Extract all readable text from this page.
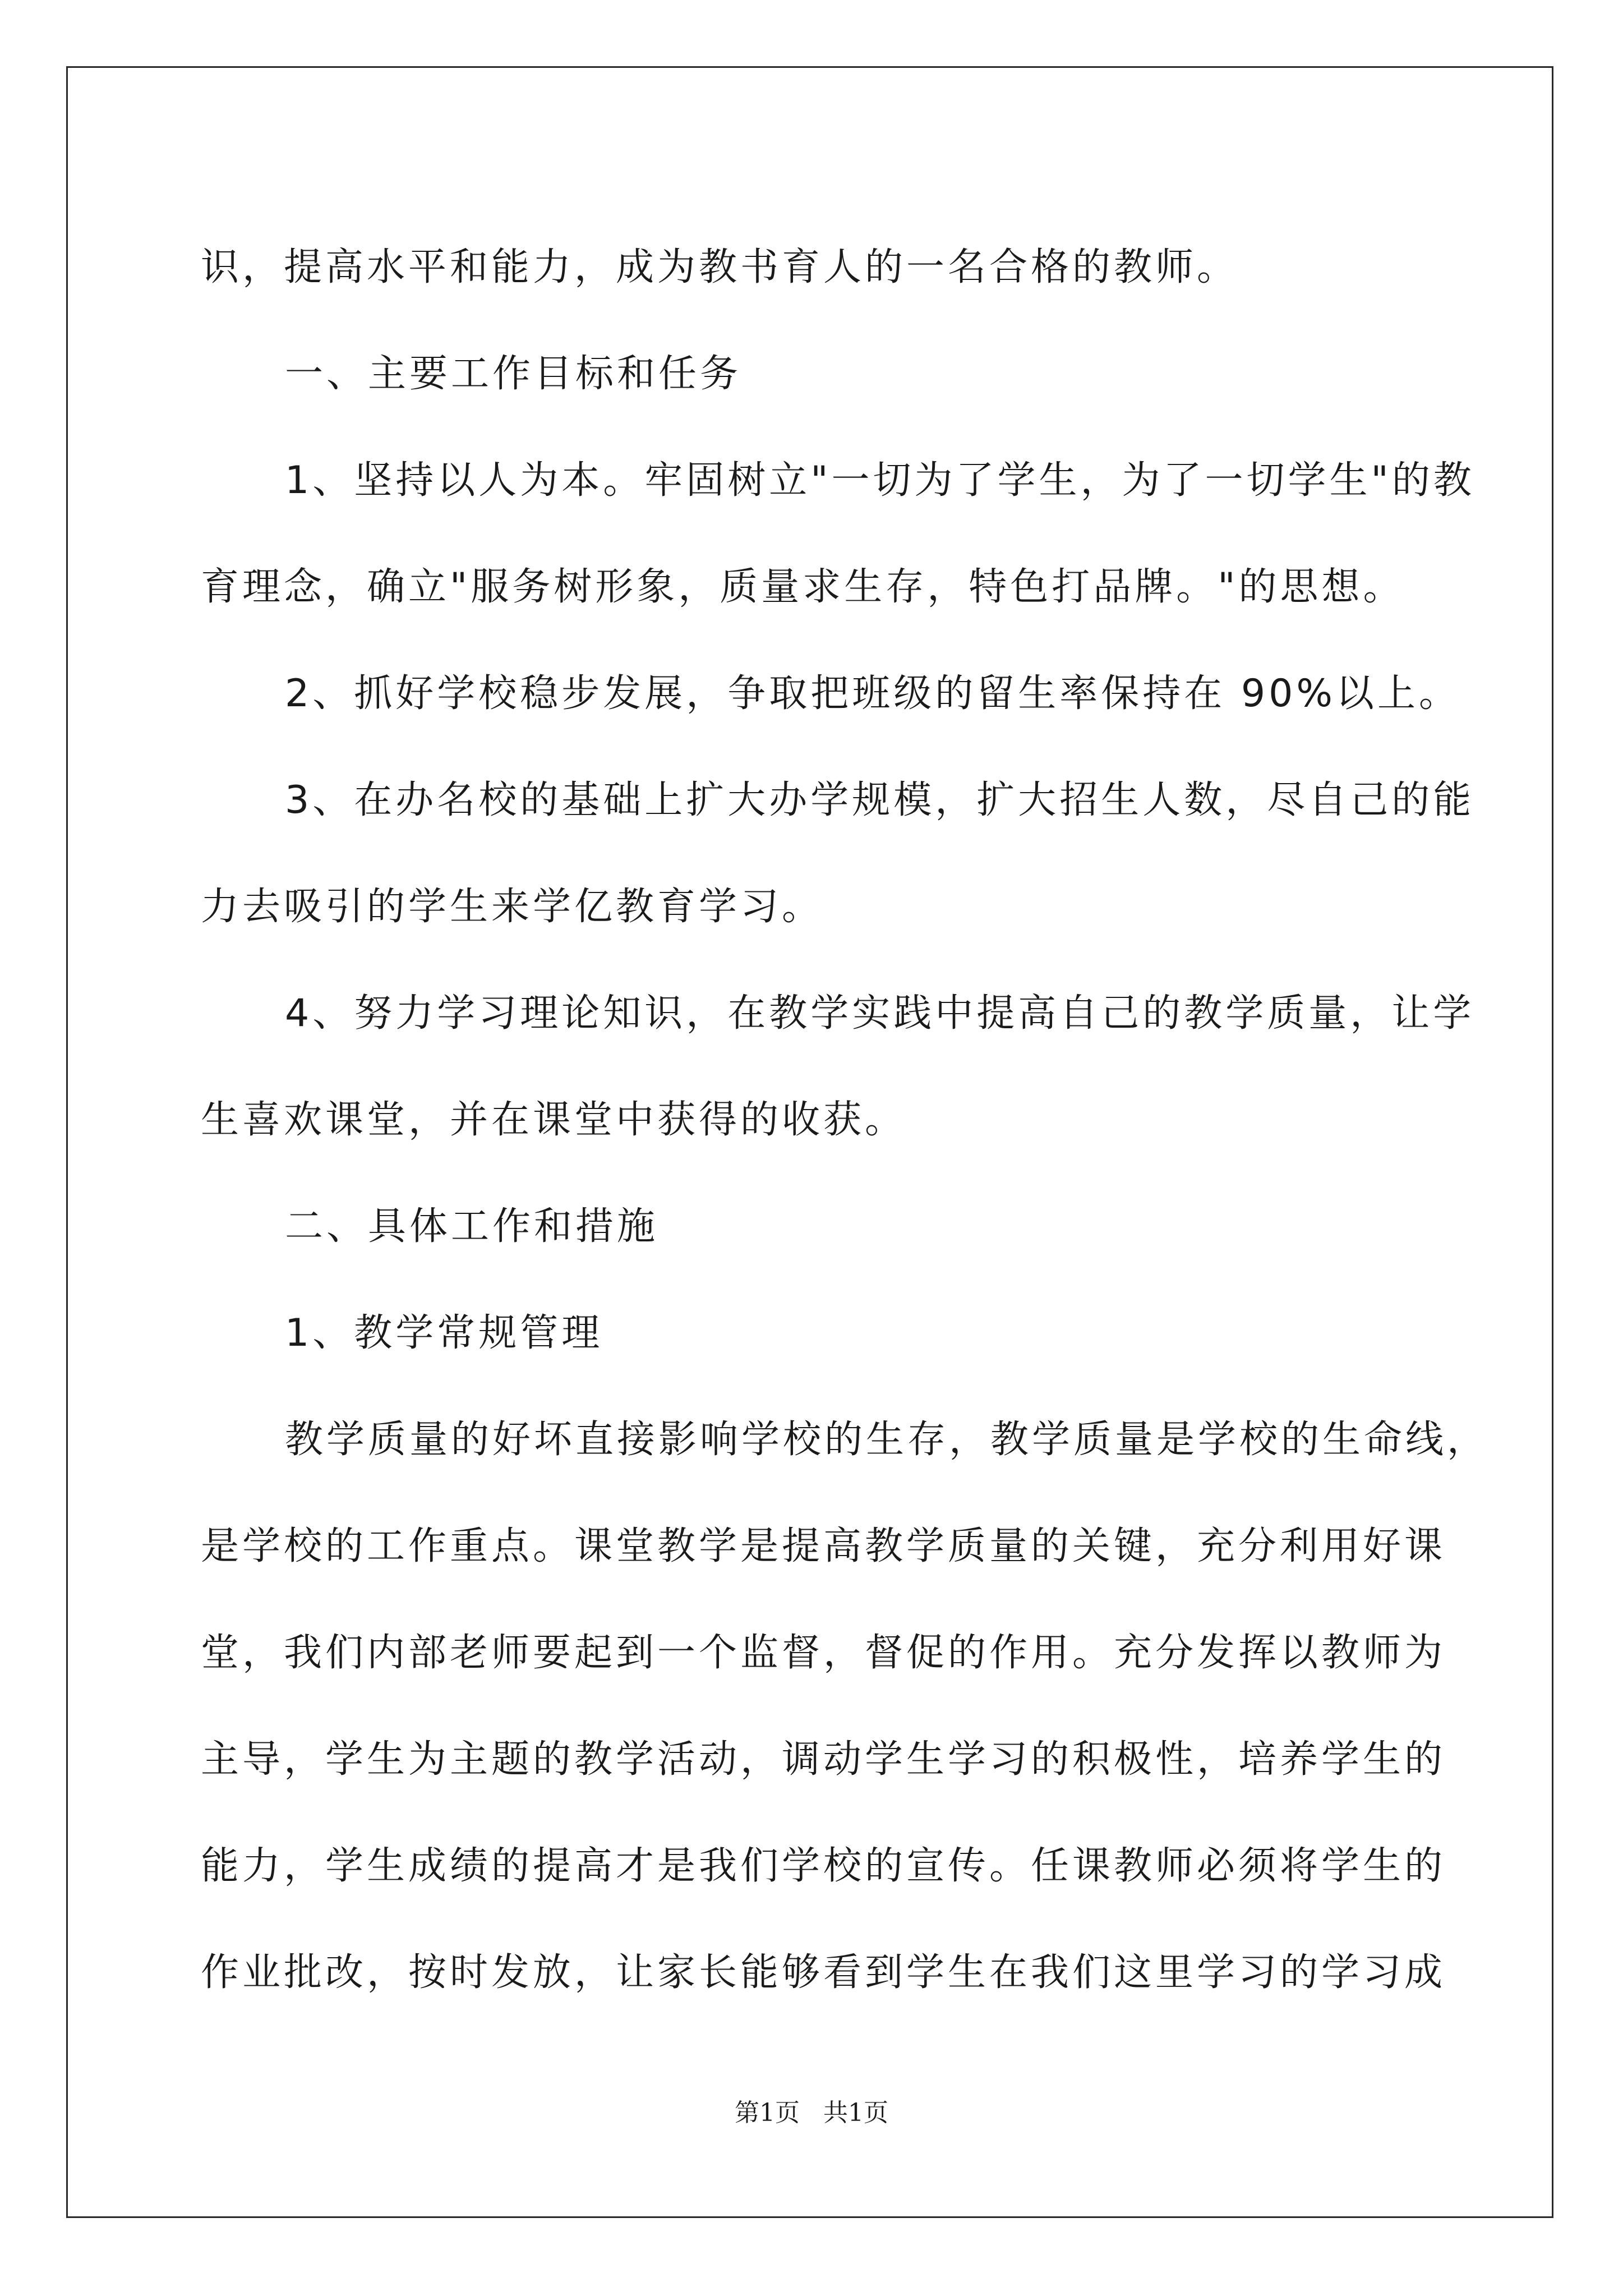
识，提高水平和能力，成为教书育人的一名合格的教师。
一、主要工作目标和任务
1、坚持以人为本。牢固树立"一切为了学生，为了一切学生"的教
育理念，确立"服务树形象，质量求生存，特色打品牌。"的思想。
2、抓好学校稳步发展，争取把班级的留生率保持在 90%以上。
3、在办名校的基础上扩大办学规模，扩大招生人数，尽自己的能
力去吸引的学生来学亿教育学习。
4、努力学习理论知识，在教学实践中提高自己的教学质量，让学
生喜欢课堂，并在课堂中获得的收获。
二、具体工作和措施
1、教学常规管理
教学质量的好坏直接影响学校的生存，教学质量是学校的生命线，
是学校的工作重点。课堂教学是提高教学质量的关键，充分利用好课
堂，我们内部老师要起到一个监督，督促的作用。充分发挥以教师为
主导，学生为主题的教学活动，调动学生学习的积极性，培养学生的
能力，学生成绩的提高才是我们学校的宣传。任课教师必须将学生的
作业批改，按时发放，让家长能够看到学生在我们这里学习的学习成
第1页 共1页
